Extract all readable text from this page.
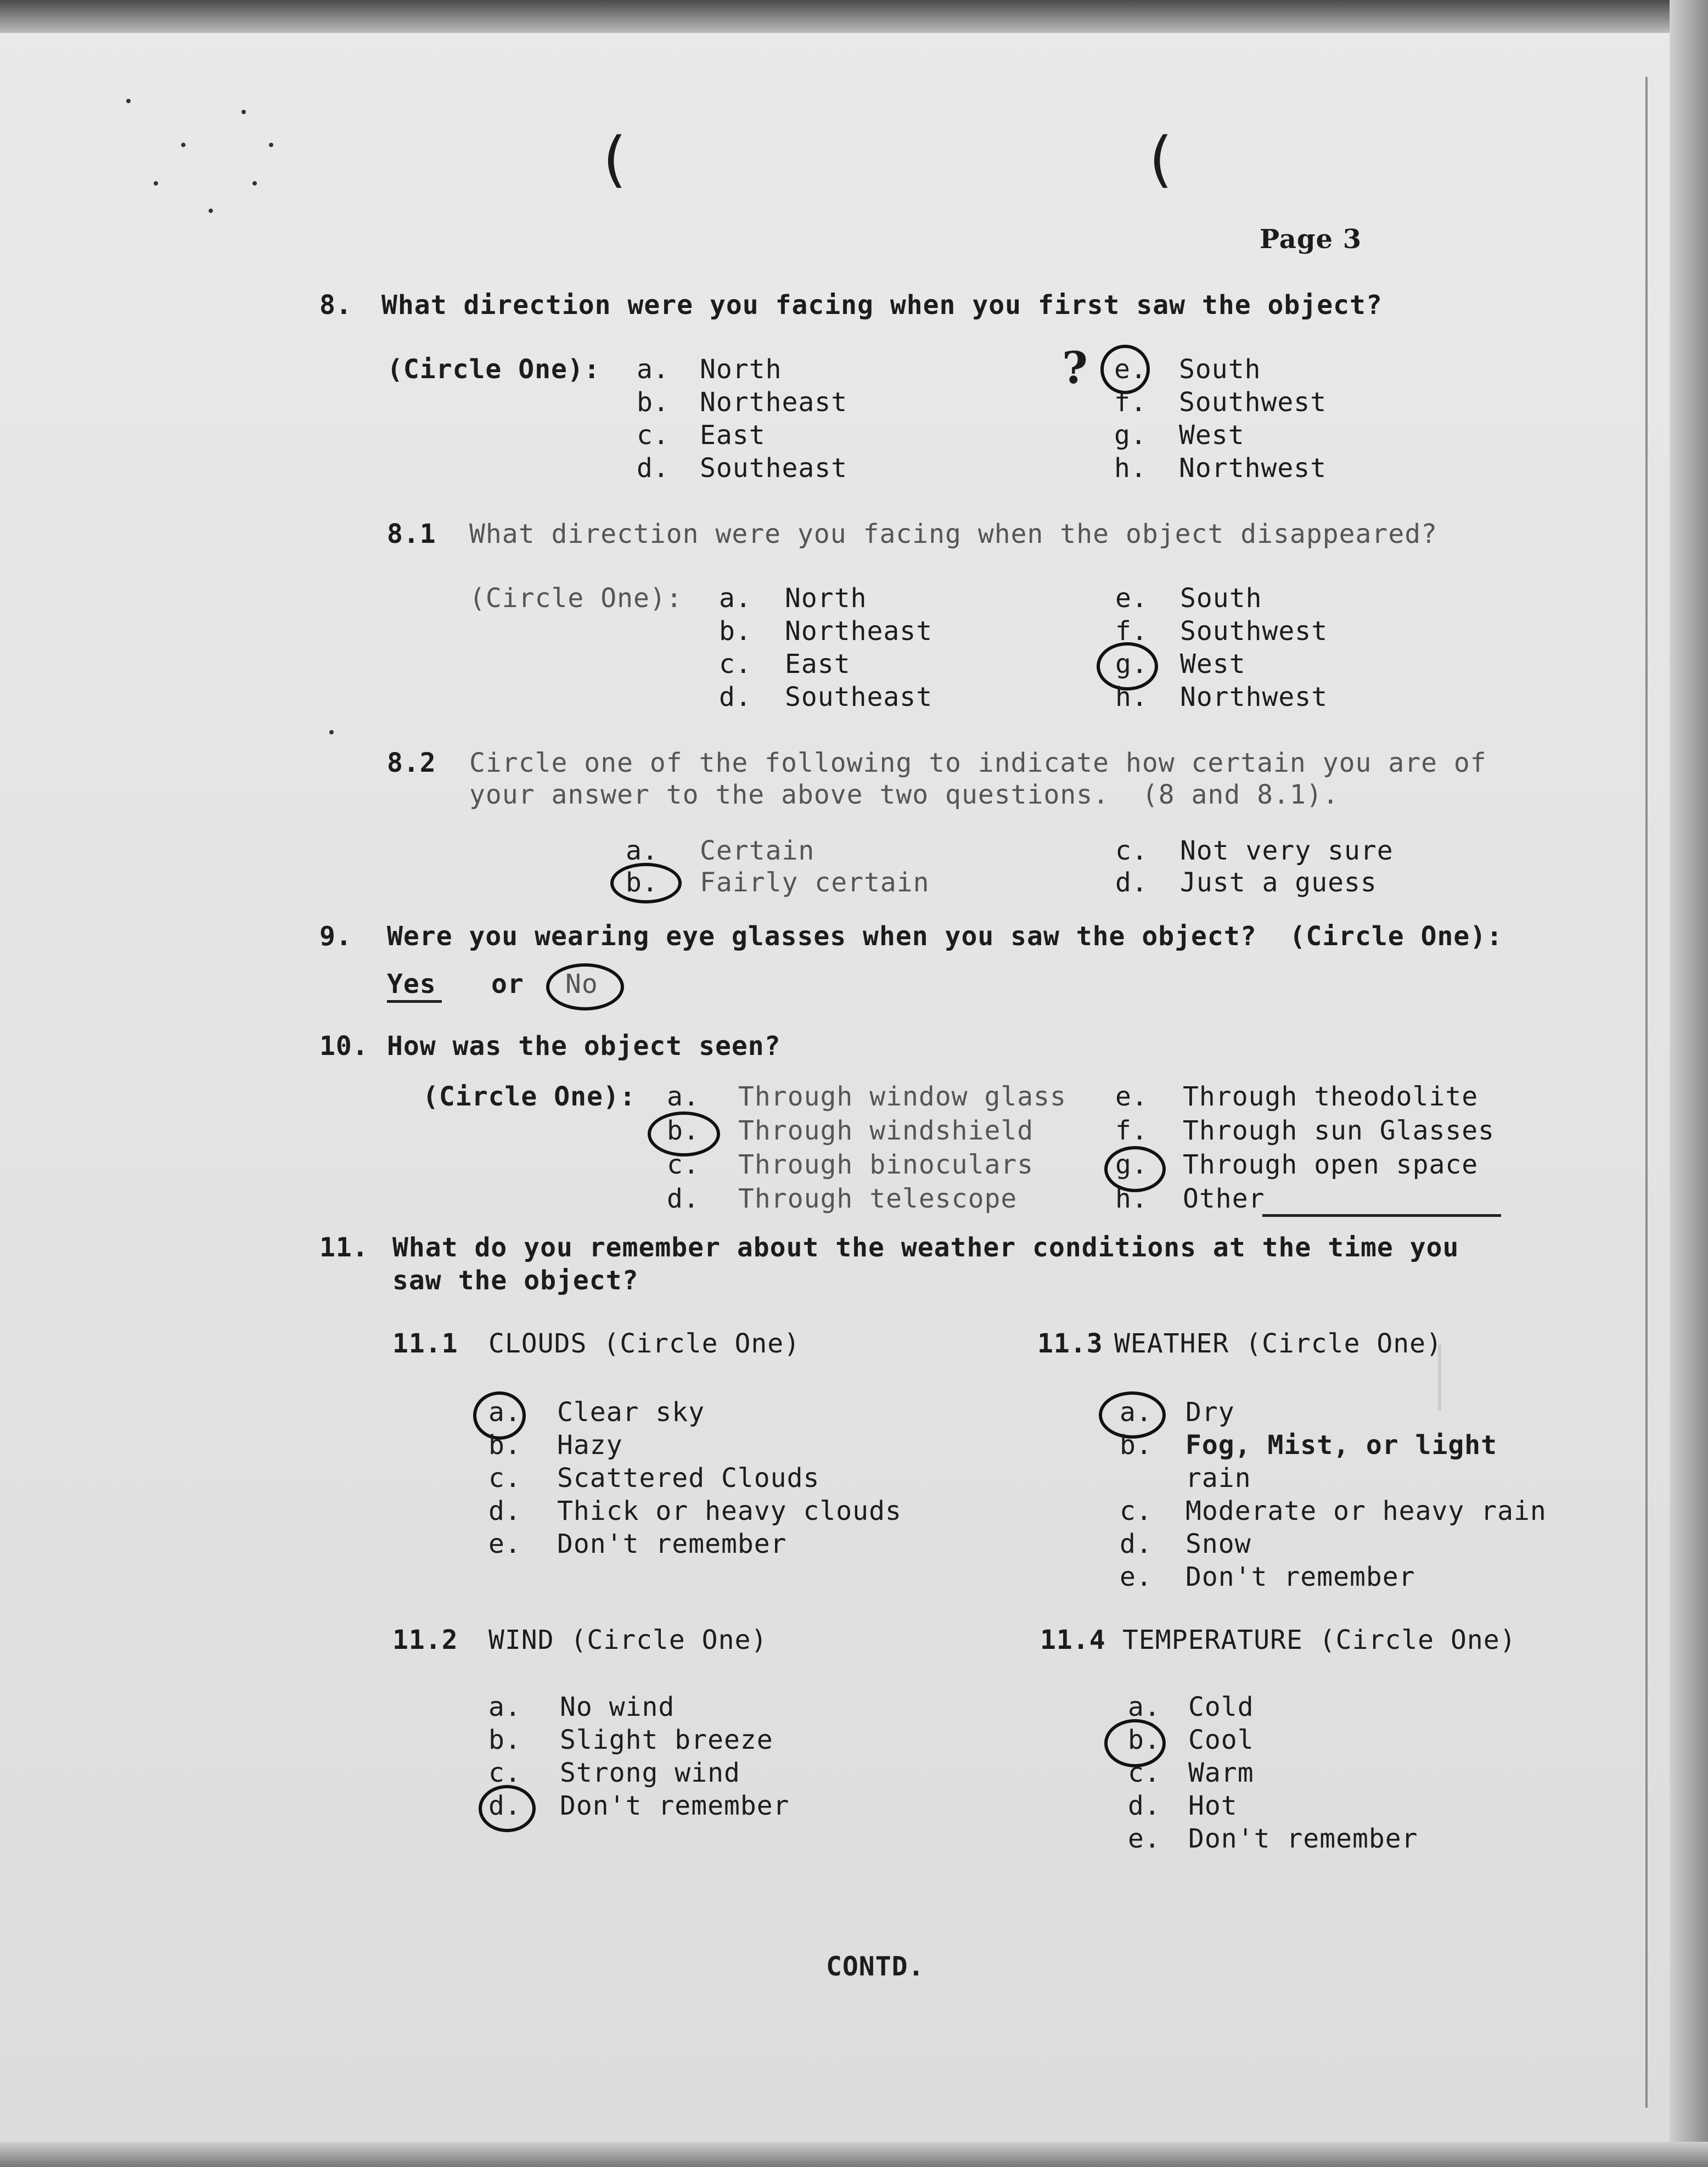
(	(
Page 3
8. What direction were you facing when you first saw the object?
(Circle One): a. North
b. Northeast
c. East
d. Southeast
? e. South
f. Southwest
g. West
h. Northwest
8.1 What direction were you facing when the object disappeared?
(Circle One): a. North
b. Northeast
c. East
d. Southeast
e. South
f. Southwest
g. West
h. Northwest
8.2 Circle one of the following to indicate how certain you are of
your answer to the above two questions.  (8 and 8.1).
a. Certain
b. Fairly certain
c. Not very sure
d. Just a guess
9. Were you wearing eye glasses when you saw the object?  (Circle One):
Yes or No
10. How was the object seen?
(Circle One): a. Through window glass
b. Through windshield
c. Through binoculars
d. Through telescope
e. Through theodolite
f. Through sun Glasses
g. Through open space
h. Other
11. What do you remember about the weather conditions at the time you
saw the object?
11.1 CLOUDS (Circle One)
a. Clear sky
b. Hazy
c. Scattered Clouds
d. Thick or heavy clouds
e. Don't remember
11.3 WEATHER (Circle One)
a. Dry
b. Fog, Mist, or light
rain
c. Moderate or heavy rain
d. Snow
e. Don't remember
11.2 WIND (Circle One)
a. No wind
b. Slight breeze
c. Strong wind
d. Don't remember
11.4 TEMPERATURE (Circle One)
a. Cold
b. Cool
c. Warm
d. Hot
e. Don't remember
CONTD.
